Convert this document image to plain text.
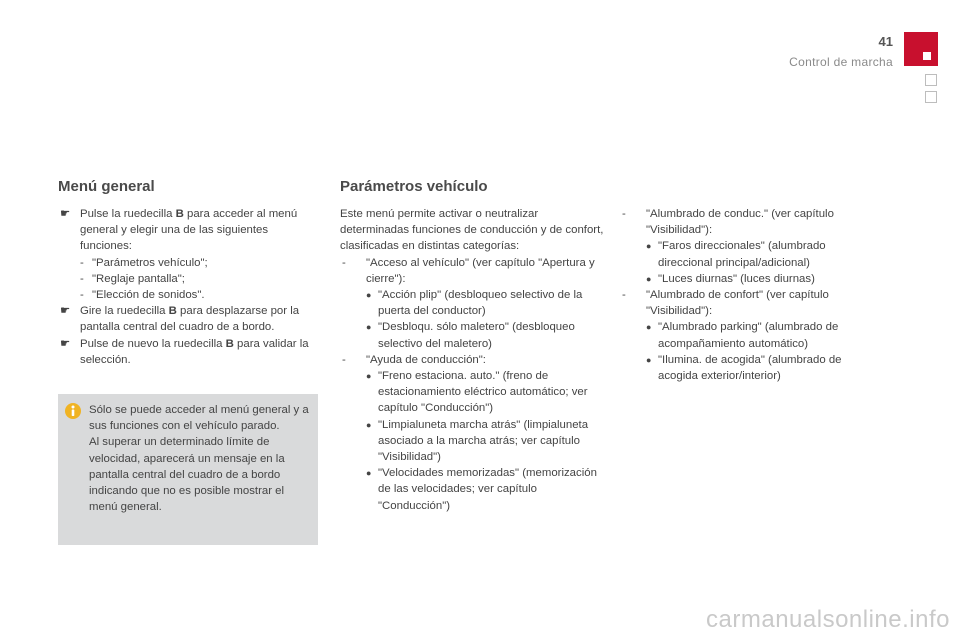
41
Control de marcha
Menú general
☛ Pulse la ruedecilla B para acceder al menú general y elegir una de las siguientes funciones:
- "Parámetros vehículo";
- "Reglaje pantalla";
- "Elección de sonidos".
☛ Gire la ruedecilla B para desplazarse por la pantalla central del cuadro de a bordo.
☛ Pulse de nuevo la ruedecilla B para validar la selección.

Sólo se puede acceder al menú general y a sus funciones con el vehículo parado.

Al superar un determinado límite de velocidad, aparecerá un mensaje en la pantalla central del cuadro de a bordo indicando que no es posible mostrar el menú general.

Parámetros vehículo

Este menú permite activar o neutralizar determinadas funciones de conducción y de confort, clasificadas en distintas categorías:

- "Acceso al vehículo" (ver capítulo "Apertura y cierre"):
● "Acción plip" (desbloqueo selectivo de la puerta del conductor)
● "Desbloqu. sólo maletero" (desbloqueo selectivo del maletero)
- "Ayuda de conducción":
● "Freno estaciona. auto." (freno de estacionamiento eléctrico automático; ver capítulo "Conducción")
● "Limpialuneta marcha atrás" (limpialuneta asociado a la marcha atrás; ver capítulo "Visibilidad")
● "Velocidades memorizadas" (memorización de las velocidades; ver capítulo "Conducción")
- "Alumbrado de conduc." (ver capítulo "Visibilidad"):
● "Faros direccionales" (alumbrado direccional principal/adicional)
● "Luces diurnas" (luces diurnas)
- "Alumbrado de confort" (ver capítulo "Visibilidad"):
● "Alumbrado parking" (alumbrado de acompañamiento automático)
● "Ilumina. de acogida" (alumbrado de acogida exterior/interior)
carmanualsonline.info
